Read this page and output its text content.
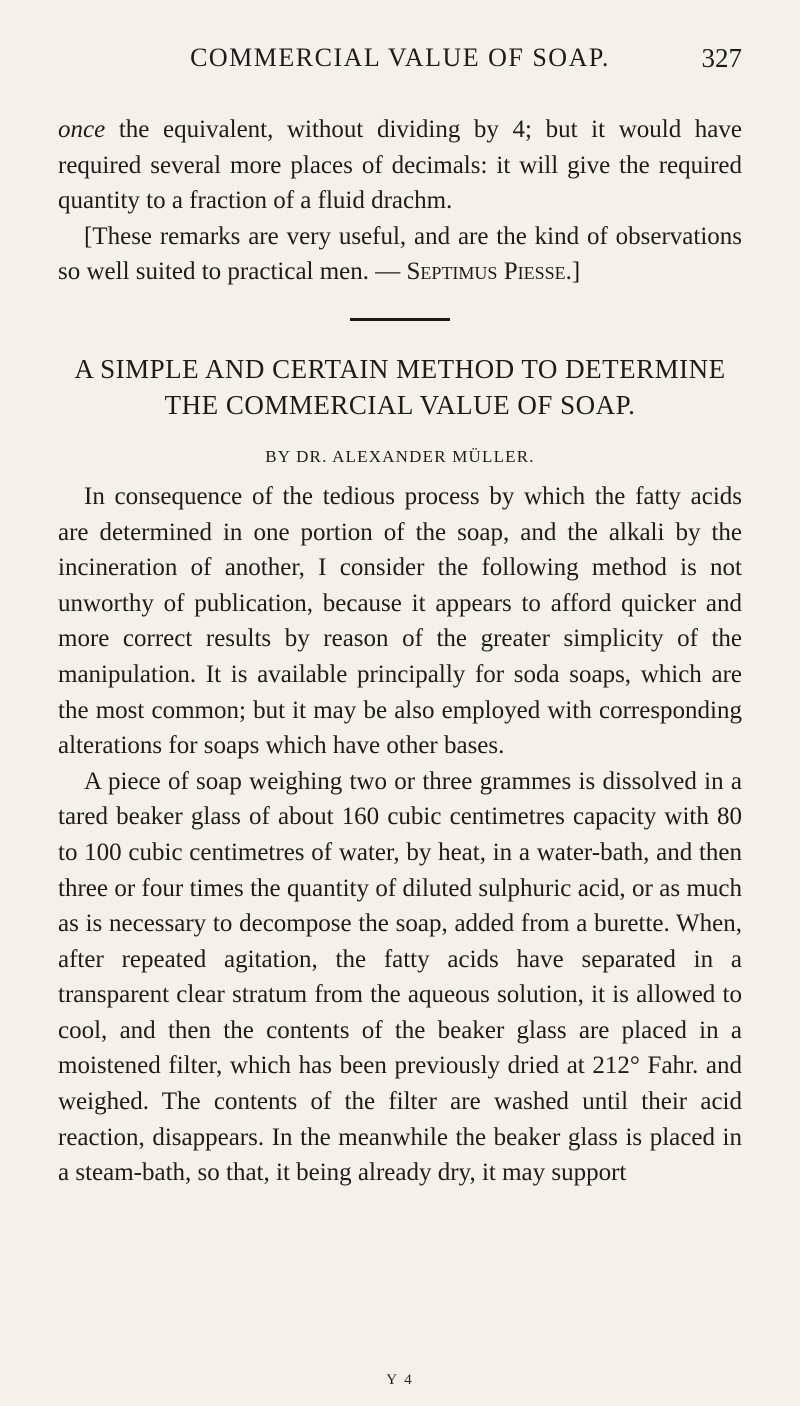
COMMERCIAL VALUE OF SOAP.	327

once the equivalent, without dividing by 4; but it would have required several more places of decimals: it will give the required quantity to a fraction of a fluid drachm.

[These remarks are very useful, and are the kind of observations so well suited to practical men. — Septimus Piesse.]

A SIMPLE AND CERTAIN METHOD TO DETERMINE THE COMMERCIAL VALUE OF SOAP.
BY DR. ALEXANDER MÜLLER.

In consequence of the tedious process by which the fatty acids are determined in one portion of the soap, and the alkali by the incineration of another, I consider the following method is not unworthy of publication, because it appears to afford quicker and more correct results by reason of the greater simplicity of the manipulation. It is available principally for soda soaps, which are the most common; but it may be also employed with corresponding alterations for soaps which have other bases.

A piece of soap weighing two or three grammes is dissolved in a tared beaker glass of about 160 cubic centimetres capacity with 80 to 100 cubic centimetres of water, by heat, in a water-bath, and then three or four times the quantity of diluted sulphuric acid, or as much as is necessary to decompose the soap, added from a burette. When, after repeated agitation, the fatty acids have separated in a transparent clear stratum from the aqueous solution, it is allowed to cool, and then the contents of the beaker glass are placed in a moistened filter, which has been previously dried at 212° Fahr. and weighed. The contents of the filter are washed until their acid reaction, disappears. In the meanwhile the beaker glass is placed in a steam-bath, so that, it being already dry, it may support

Y 4
